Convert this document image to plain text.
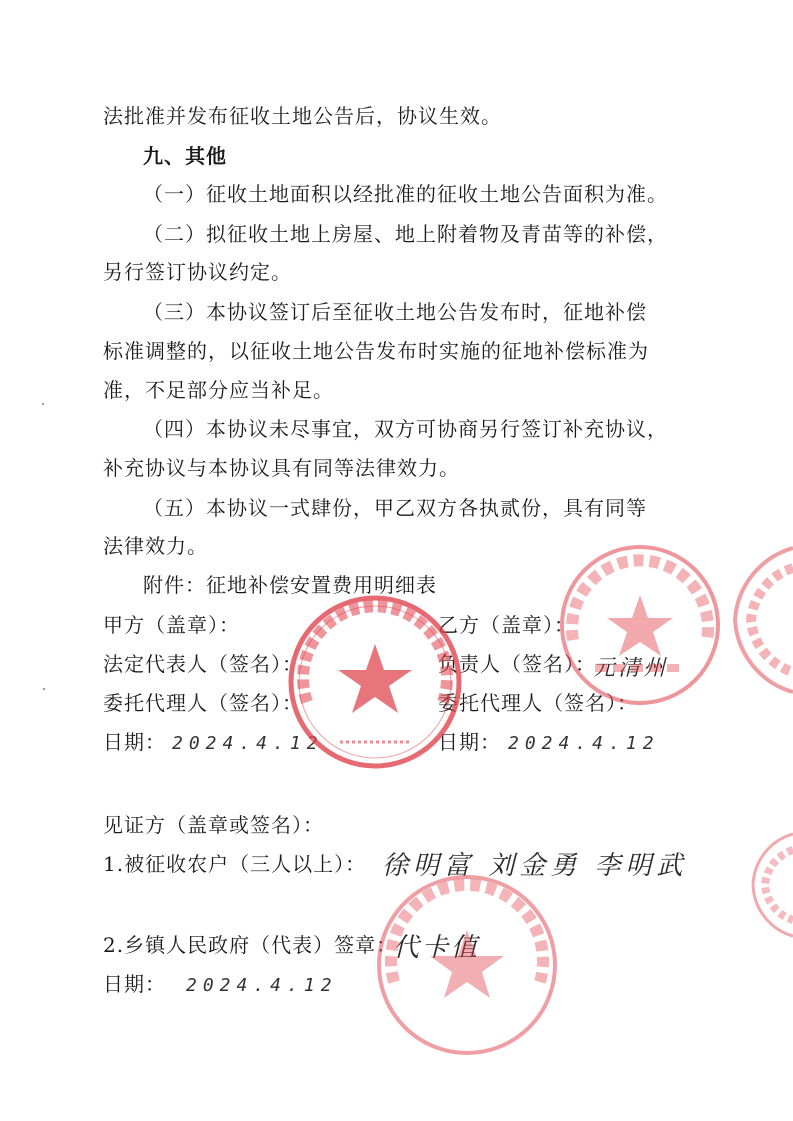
法批准并发布征收土地公告后，协议生效。
九、其他
（一）征收土地面积以经批准的征收土地公告面积为准。
（二）拟征收土地上房屋、地上附着物及青苗等的补偿，
另行签订协议约定。
（三）本协议签订后至征收土地公告发布时，征地补偿
标准调整的，以征收土地公告发布时实施的征地补偿标准为
准，不足部分应当补足。
（四）本协议未尽事宜，双方可协商另行签订补充协议，
补充协议与本协议具有同等法律效力。
（五）本协议一式肆份，甲乙双方各执贰份，具有同等
法律效力。
附件：征地补偿安置费用明细表
甲方（盖章）：
法定代表人（签名）：
委托代理人（签名）：
日期： 2024.4.12
乙方（盖章）：
负责人（签名）：
元清州
委托代理人（签名）：
日期： 2024.4.12
见证方（盖章或签名）：
1.被征收农户（三人以上）： 徐明富 刘金勇 李明武
2.乡镇人民政府（代表）签章：
代卡值
日期： 2024.4.12
